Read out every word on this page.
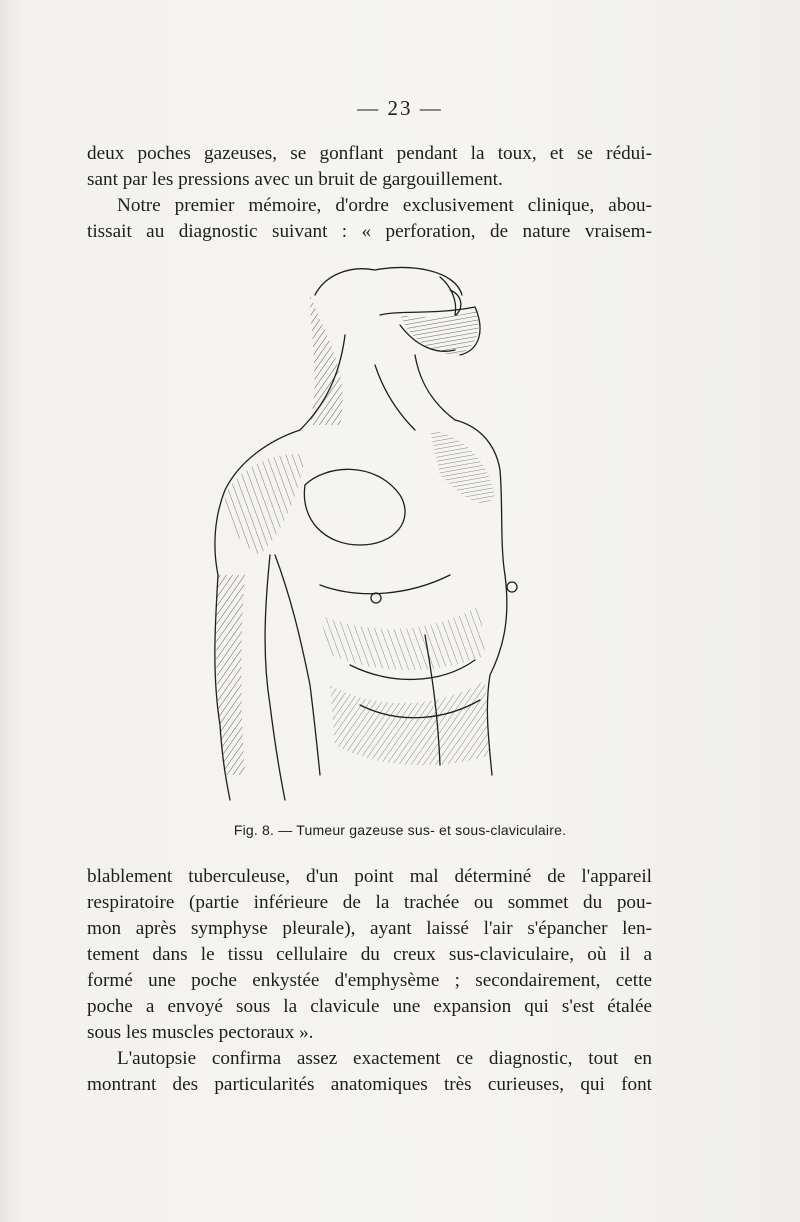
— 23 —
deux poches gazeuses, se gonflant pendant la toux, et se rédui-
sant par les pressions avec un bruit de gargouillement.
Notre premier mémoire, d'ordre exclusivement clinique, abou-
tissait au diagnostic suivant : « perforation, de nature vraisem-
Fig. 8. — Tumeur gazeuse sus- et sous-claviculaire.
blablement tuberculeuse, d'un point mal déterminé de l'appareil
respiratoire (partie inférieure de la trachée ou sommet du pou-
mon après symphyse pleurale), ayant laissé l'air s'épancher len-
tement dans le tissu cellulaire du creux sus-claviculaire, où il a
formé une poche enkystée d'emphysème ; secondairement, cette
poche a envoyé sous la clavicule une expansion qui s'est étalée
sous les muscles pectoraux ».
L'autopsie confirma assez exactement ce diagnostic, tout en
montrant des particularités anatomiques très curieuses, qui font
